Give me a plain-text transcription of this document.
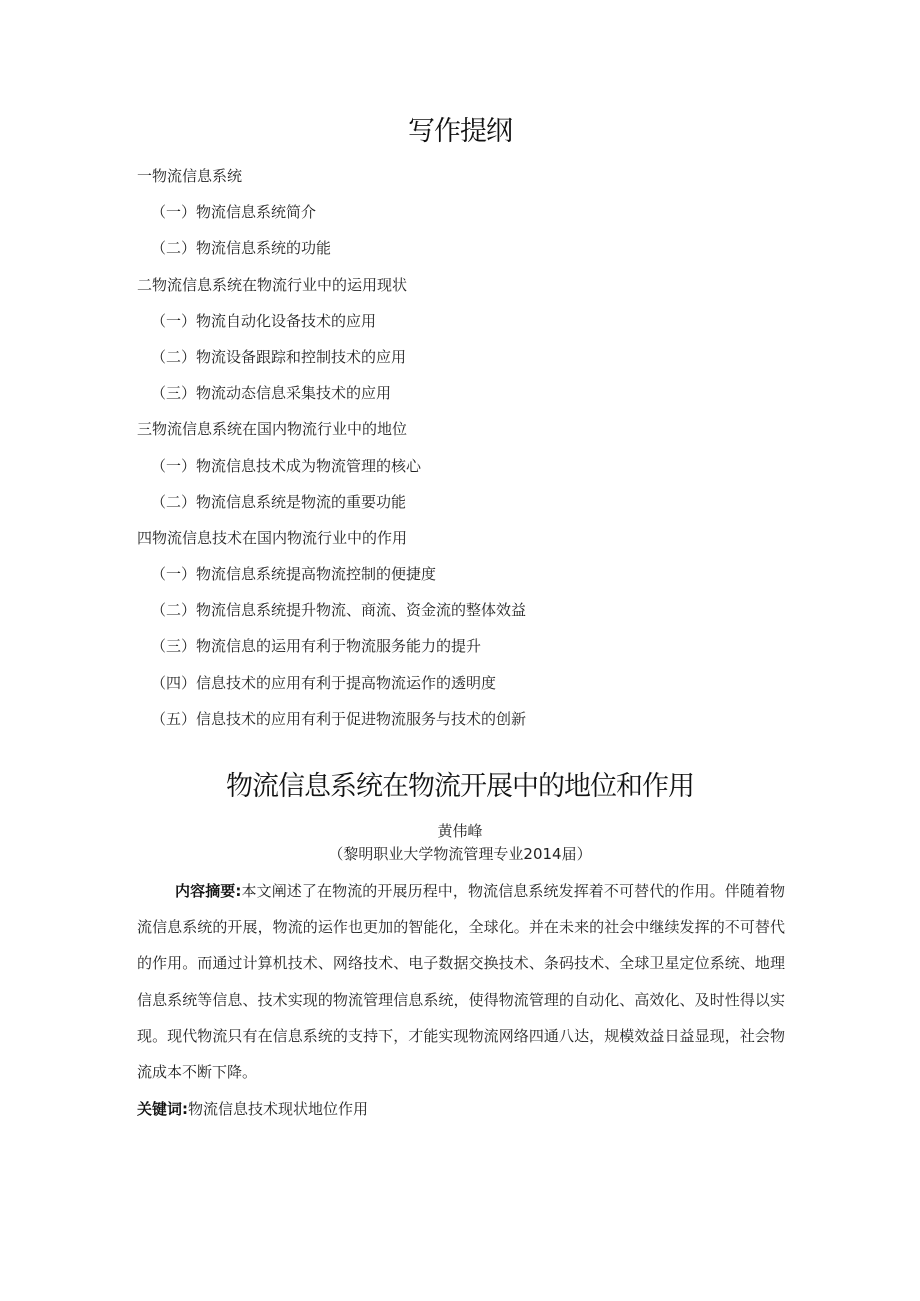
写作提纲
一物流信息系统
（一）物流信息系统简介
（二）物流信息系统的功能
二物流信息系统在物流行业中的运用现状
（一）物流自动化设备技术的应用
（二）物流设备跟踪和控制技术的应用
（三）物流动态信息采集技术的应用
三物流信息系统在国内物流行业中的地位
（一）物流信息技术成为物流管理的核心
（二）物流信息系统是物流的重要功能
四物流信息技术在国内物流行业中的作用
（一）物流信息系统提高物流控制的便捷度
（二）物流信息系统提升物流、商流、资金流的整体效益
（三）物流信息的运用有利于物流服务能力的提升
（四）信息技术的应用有利于提高物流运作的透明度
（五）信息技术的应用有利于促进物流服务与技术的创新
物流信息系统在物流开展中的地位和作用
黄伟峰
（黎明职业大学物流管理专业2014届）

内容摘要:本文阐述了在物流的开展历程中，物流信息系统发挥着不可替代的作用。伴随着物流信息系统的开展，物流的运作也更加的智能化，全球化。并在未来的社会中继续发挥的不可替代的作用。而通过计算机技术、网络技术、电子数据交换技术、条码技术、全球卫星定位系统、地理信息系统等信息、技术实现的物流管理信息系统，使得物流管理的自动化、高效化、及时性得以实现。现代物流只有在信息系统的支持下，才能实现物流网络四通八达，规模效益日益显现，社会物流成本不断下降。

关键词:物流信息技术现状地位作用
